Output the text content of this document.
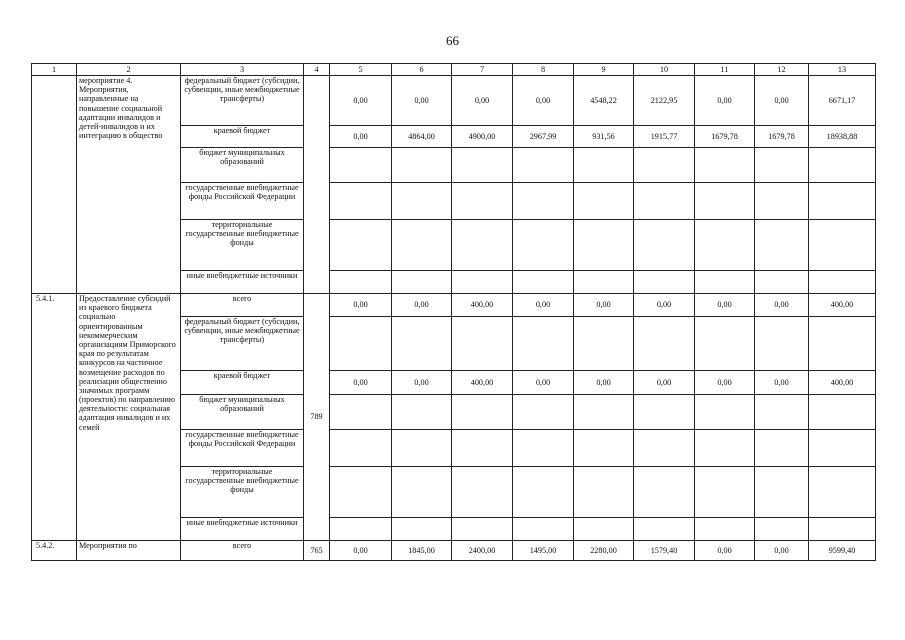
66
1	2	3	4	5	6	7	8	9	10	11	12	13
	мероприятие 4. Мероприятия, направленные на повышение социальной адаптации инвалидов и детей-инвалидов и их интеграцию в общество	федеральный бюджет (субсидии, субвенции, иные межбюджетные трансферты)		0,00	0,00	0,00	0,00	4548,22	2122,95	0,00	0,00	6671,17
		краевой бюджет		0,00	4864,00	4900,00	2967,99	931,56	1915,77	1679,78	1679,78	18938,88
		бюджет муниципальных образований										
		государственные внебюджетные фонды Российской Федерации										
		территориальные государственные внебюджетные фонды										
		иные внебюджетные источники										
5.4.1.	Предоставление субсидий из краевого бюджета социально ориентированным некоммерческим организациям Приморского края по результатам конкурсов на частичное возмещение расходов по реализации общественно значимых программ (проектов) по направлению деятельности: социальная адаптация инвалидов и их семей	всего	789	0,00	0,00	400,00	0,00	0,00	0,00	0,00	0,00	400,00
		федеральный бюджет (субсидии, субвенции, иные межбюджетные трансферты)										
		краевой бюджет		0,00	0,00	400,00	0,00	0,00	0,00	0,00	0,00	400,00
		бюджет муниципальных образований										
		государственные внебюджетные фонды Российской Федерации										
		территориальные государственные внебюджетные фонды										
		иные внебюджетные источники										
5.4.2.	Мероприятия по	всего	765	0,00	1845,00	2400,00	1495,00	2280,00	1579,40	0,00	0,00	9599,40
